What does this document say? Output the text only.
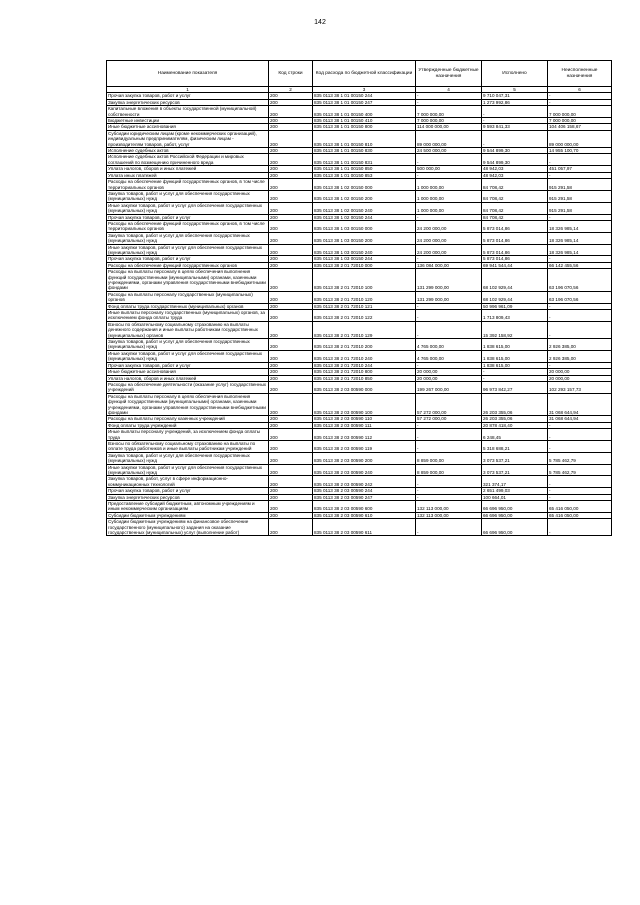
142
Наименование показателя	Код строки	Код расхода по бюджетной классификации	Утвержденные бюджетные назначения	Исполнено	Неисполненные назначения
1	2	3	4	5	6
Прочая закупка товаров, работ и услуг	200	835 0113 38 1 01 00150 244	-	9 710 047,31	-
Закупка энергетических ресурсов	200	835 0113 38 1 01 00150 247	-	1 273 992,86	-
Капитальные вложения в объекты государственной (муниципальной) собственности	200	835 0113 38 1 01 00150 400	7 000 000,00	-	7 000 000,00
Бюджетные инвестиции	200	835 0113 38 1 01 00150 410	7 000 000,00	-	7 000 000,00
Иные бюджетные ассигнования	200	835 0113 38 1 01 00150 800	114 000 000,00	9 593 841,33	104 406 158,67
Субсидии юридическим лицам (кроме некоммерческих организаций), индивидуальным предпринимателям, физическим лицам - производителям товаров, работ, услуг	200	835 0113 38 1 01 00150 810	89 000 000,00	-	89 000 000,00
Исполнение судебных актов	200	835 0113 38 1 01 00150 830	24 500 000,00	9 544 899,30	14 955 100,70
Исполнение судебных актов Российской Федерации и мировых соглашений по возмещению причиненного вреда	200	835 0113 38 1 01 00150 831	-	9 544 899,30	-
Уплата налогов, сборов и иных платежей	200	835 0113 38 1 01 00150 850	500 000,00	48 942,03	451 057,97
Уплата иных платежей	200	835 0113 38 1 01 00150 853	-	48 942,03	-
Расходы на обеспечение функций государственных органов, в том числе территориальных органов	200	835 0113 38 1 02 00150 000	1 000 000,00	84 708,42	915 291,58
Закупка товаров, работ и услуг для обеспечения государственных (муниципальных) нужд	200	835 0113 38 1 02 00150 200	1 000 000,00	84 708,42	915 291,58
Иные закупки товаров, работ и услуг для обеспечения государственных (муниципальных) нужд	200	835 0113 38 1 02 00150 240	1 000 000,00	84 708,42	915 291,58
Прочая закупка товаров, работ и услуг	200	835 0113 38 1 02 00150 244	-	84 708,42	-
Расходы на обеспечение функций государственных органов, в том числе территориальных органов	200	835 0113 38 1 03 00150 000	24 200 000,00	5 873 014,86	18 326 985,14
Закупка товаров, работ и услуг для обеспечения государственных (муниципальных) нужд	200	835 0113 38 1 03 00150 200	24 200 000,00	5 873 014,86	18 326 985,14
Иные закупки товаров, работ и услуг для обеспечения государственных (муниципальных) нужд	200	835 0113 38 1 03 00150 240	24 200 000,00	5 873 014,86	18 326 985,14
Прочая закупка товаров, работ и услуг	200	835 0113 38 1 03 00150 244	-	5 873 014,86	-
Расходы на обеспечение функций государственных органов	200	835 0113 38 2 01 72010 000	136 084 000,00	69 941 544,44	66 142 455,56
Расходы на выплаты персоналу в целях обеспечения выполнения функций государственными (муниципальными) органами, казенными учреждениями, органами управления государственными внебюджетными фондами	200	835 0113 38 2 01 72010 100	131 299 000,00	68 102 929,44	63 196 070,56
Расходы на выплаты персоналу государственных (муниципальных) органов	200	835 0113 38 2 01 72010 120	131 299 000,00	68 102 929,44	63 196 070,56
Фонд оплаты труда государственных (муниципальных) органов	200	835 0113 38 2 01 72010 121	-	50 996 961,09	-
Иные выплаты персоналу государственных (муниципальных) органов, за исключением фонда оплаты труда	200	835 0113 38 2 01 72010 122	-	1 713 809,43	-
Взносы по обязательному социальному страхованию на выплаты денежного содержания и иные выплаты работникам государственных (муниципальных) органов	200	835 0113 38 2 01 72010 129	-	15 392 158,92	-
Закупка товаров, работ и услуг для обеспечения государственных (муниципальных) нужд	200	835 0113 38 2 01 72010 200	4 765 000,00	1 838 615,00	2 926 385,00
Иные закупки товаров, работ и услуг для обеспечения государственных (муниципальных) нужд	200	835 0113 38 2 01 72010 240	4 765 000,00	1 838 615,00	2 926 385,00
Прочая закупка товаров, работ и услуг	200	835 0113 38 2 01 72010 244	-	1 838 615,00	-
Иные бюджетные ассигнования	200	835 0113 38 2 01 72010 800	20 000,00	-	20 000,00
Уплата налогов, сборов и иных платежей	200	835 0113 38 2 01 72010 850	20 000,00	-	20 000,00
Расходы на обеспечение деятельности (оказание услуг) государственных учреждений	200	835 0113 38 2 03 00590 000	199 267 000,00	96 973 842,27	102 293 157,73
Расходы на выплаты персоналу в целях обеспечения выполнения функций государственными (муниципальными) органами, казенными учреждениями, органами управления государственными внебюджетными фондами	200	835 0113 38 2 03 00590 100	57 272 000,00	26 203 355,06	31 068 644,94
Расходы на выплаты персоналу казенных учреждений	200	835 0113 38 2 03 00590 110	57 272 000,00	26 203 355,06	31 068 644,94
Фонд оплаты труда учреждений	200	835 0113 38 2 03 00590 111	-	20 878 418,40	-
Иные выплаты персоналу учреждений, за исключением фонда оплаты труда	200	835 0113 38 2 03 00590 112	-	6 248,45	-
Взносы по обязательному социальному страхованию на выплаты по оплате труда работников и иные выплаты работникам учреждений	200	835 0113 38 2 03 00590 119	-	5 318 688,21	-
Закупка товаров, работ и услуг для обеспечения государственных (муниципальных) нужд	200	835 0113 38 2 03 00590 200	8 859 000,00	3 073 537,21	5 785 462,79
Иные закупки товаров, работ и услуг для обеспечения государственных (муниципальных) нужд	200	835 0113 38 2 03 00590 240	8 859 000,00	3 073 537,21	5 785 462,79
Закупка товаров, работ, услуг в сфере информационно-коммуникационных технологий	200	835 0113 38 2 03 00590 242	-	321 374,17	-
Прочая закупка товаров, работ и услуг	200	835 0113 38 2 03 00590 244	-	2 651 499,03	-
Закупка энергетических ресурсов	200	835 0113 38 2 03 00590 247	-	100 664,01	-
Предоставление субсидий бюджетным, автономным учреждениям и иным некоммерческим организациям	200	835 0113 38 2 03 00590 600	132 113 000,00	66 696 950,00	65 416 050,00
Субсидии бюджетным учреждениям	200	835 0113 38 2 03 00590 610	132 113 000,00	66 696 950,00	65 416 050,00
Субсидии бюджетным учреждениям на финансовое обеспечение государственного (муниципального) задания на оказание государственных (муниципальных) услуг (выполнение работ)	200	835 0113 38 2 03 00590 611	-	66 696 950,00	-
